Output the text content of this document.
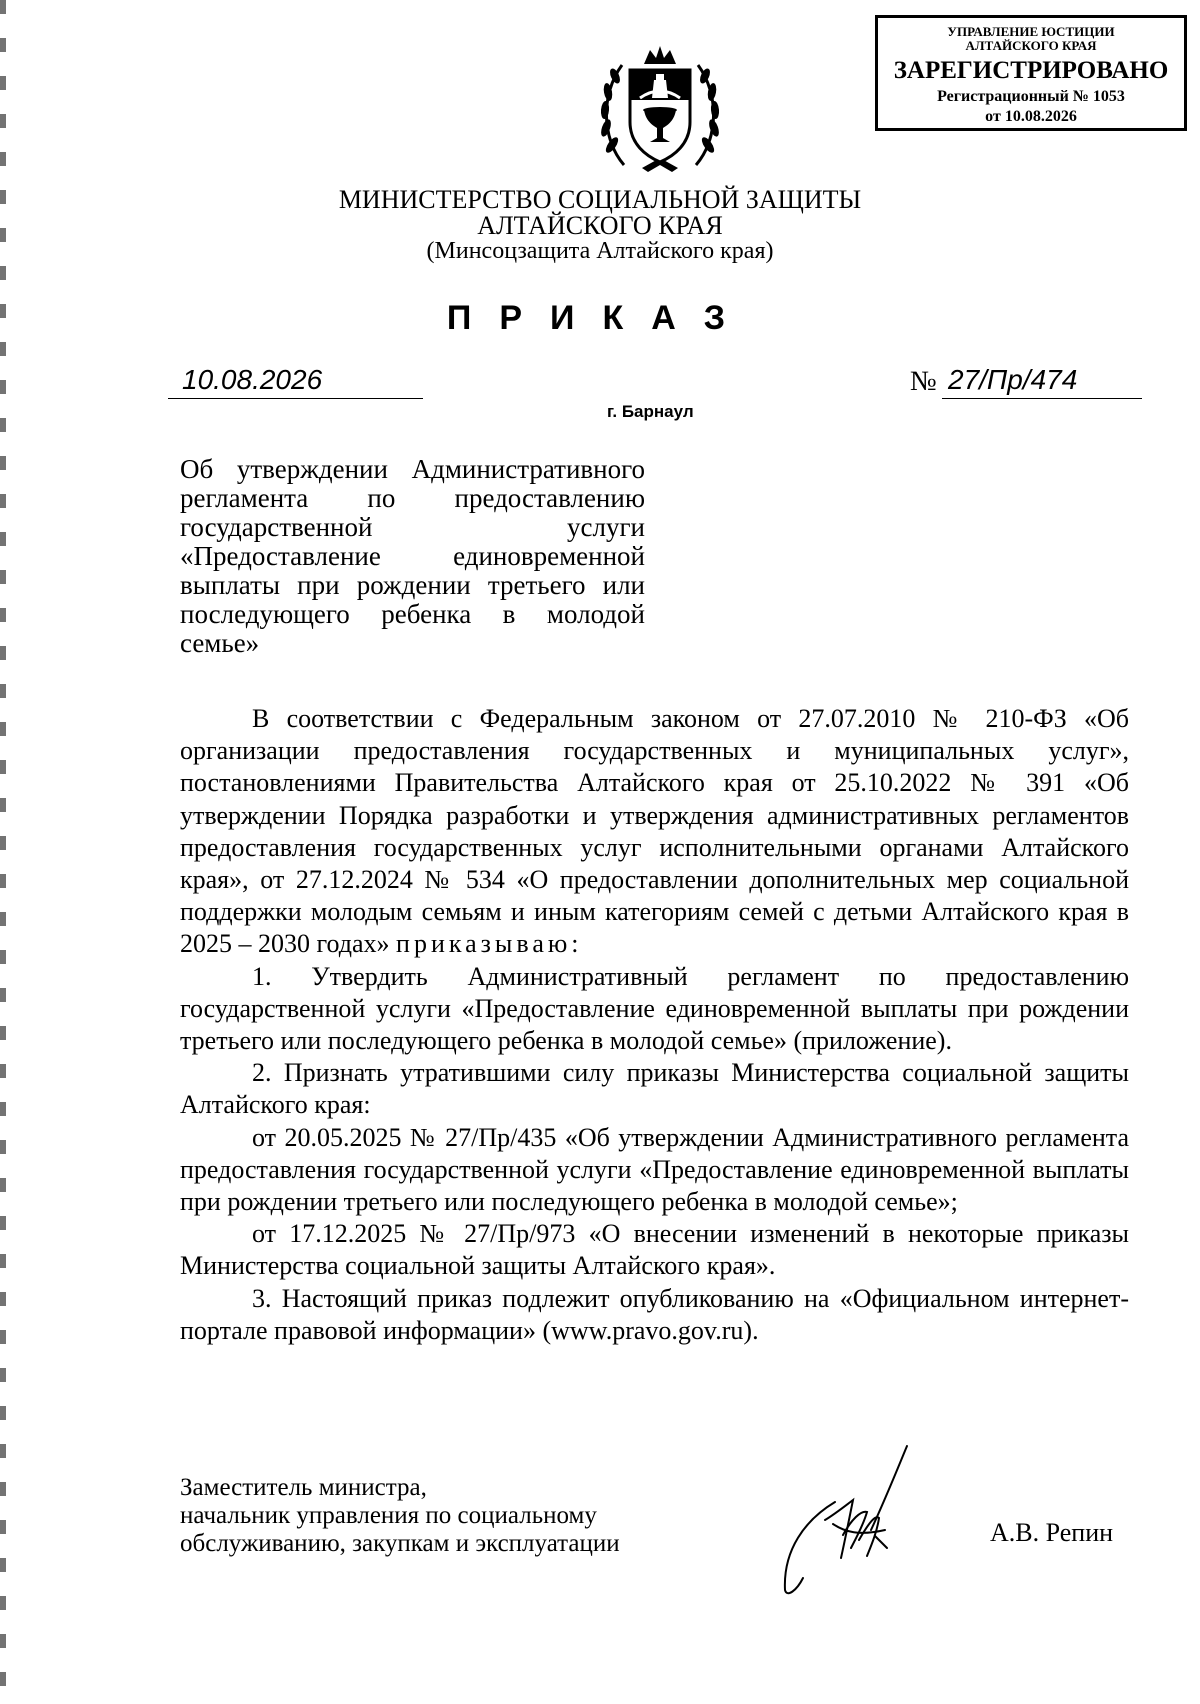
УПРАВЛЕНИЕ ЮСТИЦИИ
АЛТАЙСКОГО КРАЯ
ЗАРЕГИСТРИРОВАНО
Регистрационный № 1053
от 10.08.2026
МИНИСТЕРСТВО СОЦИАЛЬНОЙ ЗАЩИТЫ
АЛТАЙСКОГО КРАЯ
(Минсоцзащита Алтайского края)
ПРИКАЗ
10.08.2026	№ 27/Пр/474
г. Барнаул
Об утверждении Административного регламента по предоставлению государственной услуги «Предоставление единовременной выплаты при рождении третьего или последующего ребенка в молодой семье»

В соответствии с Федеральным законом от 27.07.2010 № 210-ФЗ «Об организации предоставления государственных и муниципальных услуг», постановлениями Правительства Алтайского края от 25.10.2022 № 391 «Об утверждении Порядка разработки и утверждения административных регламентов предоставления государственных услуг исполнительными органами Алтайского края», от 27.12.2024 № 534 «О предоставлении дополнительных мер социальной поддержки молодым семьям и иным категориям семей с детьми Алтайского края в 2025 – 2030 годах» приказываю:

1. Утвердить Административный регламент по предоставлению государственной услуги «Предоставление единовременной выплаты при рождении третьего или последующего ребенка в молодой семье» (приложение).

2. Признать утратившими силу приказы Министерства социальной защиты Алтайского края:

от 20.05.2025 № 27/Пр/435 «Об утверждении Административного регламента предоставления государственной услуги «Предоставление единовременной выплаты при рождении третьего или последующего ребенка в молодой семье»;

от 17.12.2025 № 27/Пр/973 «О внесении изменений в некоторые приказы Министерства социальной защиты Алтайского края».

3. Настоящий приказ подлежит опубликованию на «Официальном интернет-портале правовой информации» (www.pravo.gov.ru).

Заместитель министра,
начальник управления по социальному
обслуживанию, закупкам и эксплуатации	А.В. Репин
